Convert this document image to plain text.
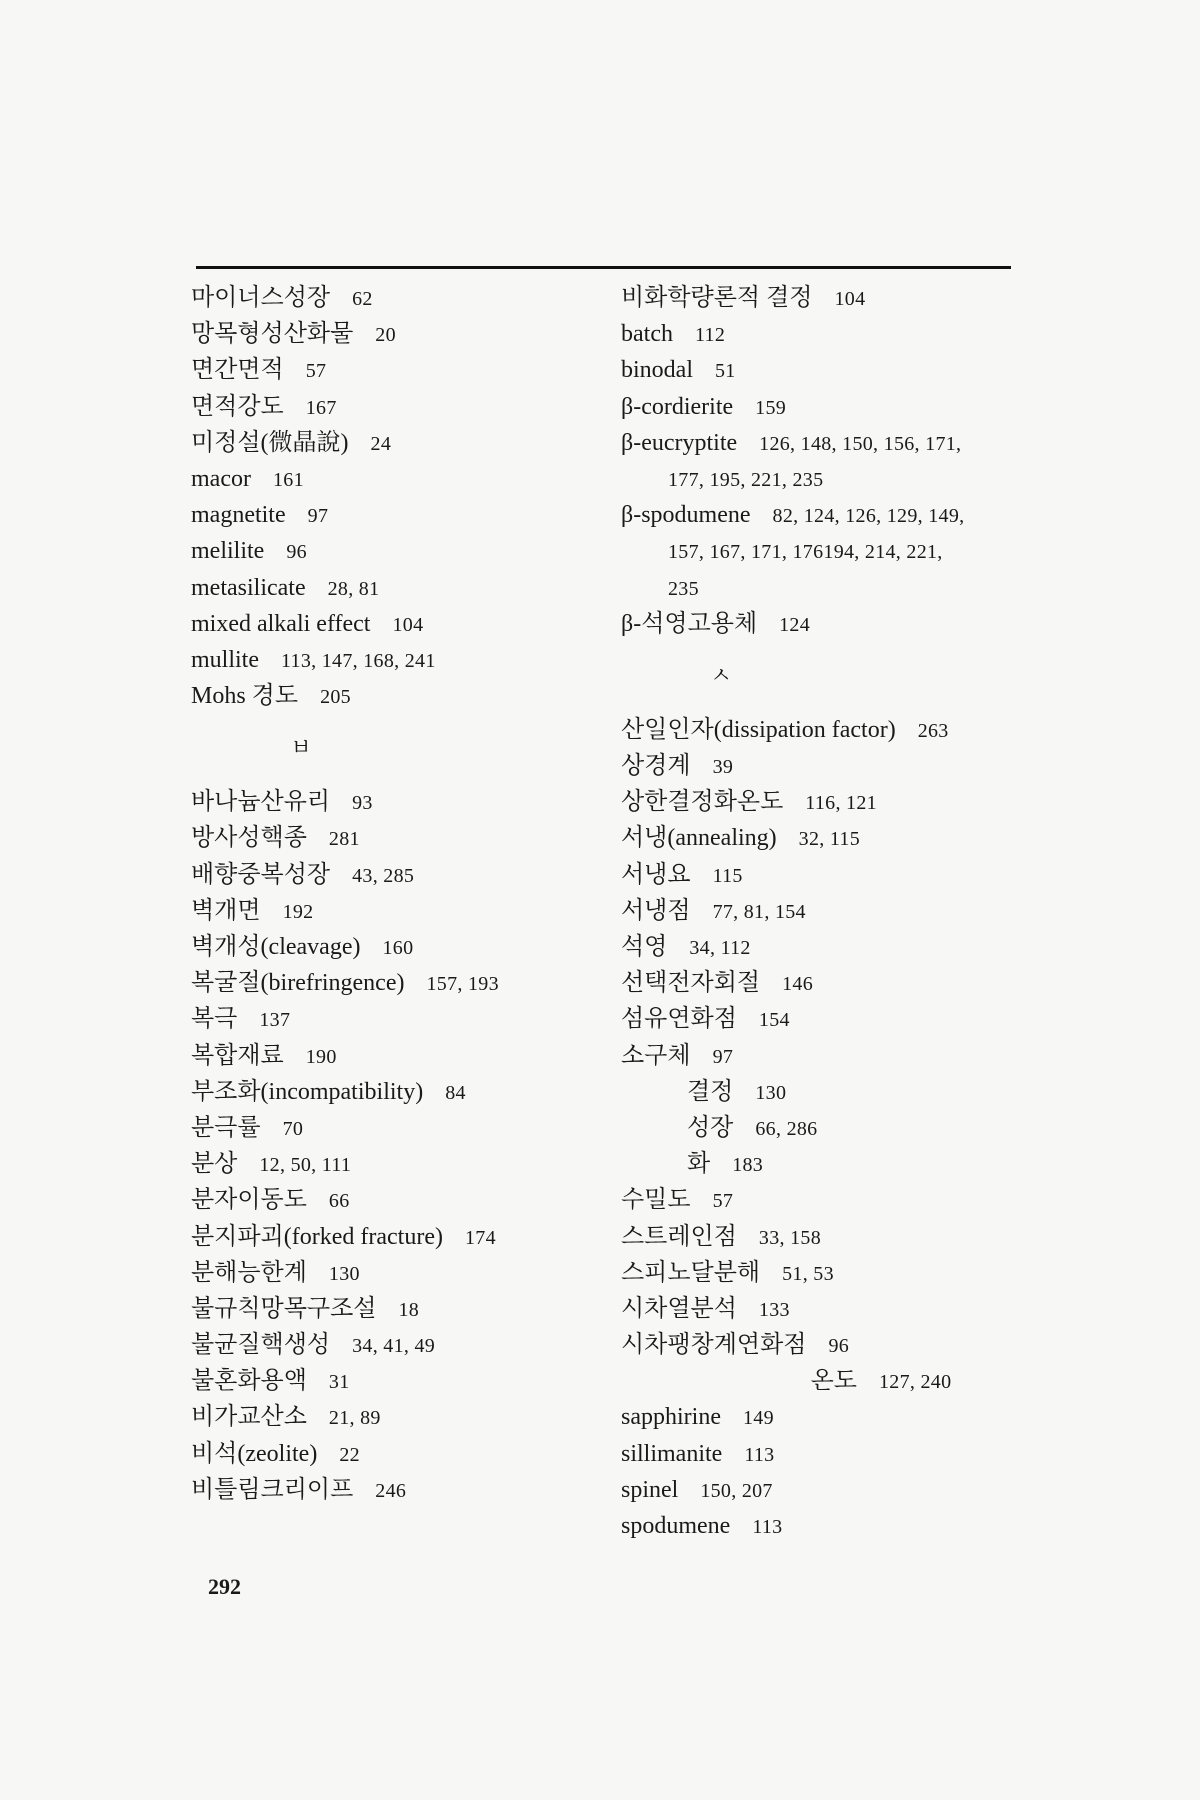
마이너스성장 62
망목형성산화물 20
면간면적 57
면적강도 167
미정설(微晶說) 24
macor 161
magnetite 97
melilite 96
metasilicate 28, 81
mixed alkali effect 104
mullite 113, 147, 168, 241
Mohs 경도 205
ㅂ
바나늄산유리 93
방사성핵종 281
배향중복성장 43, 285
벽개면 192
벽개성(cleavage) 160
복굴절(birefringence) 157, 193
복극 137
복합재료 190
부조화(incompatibility) 84
분극률 70
분상 12, 50, 111
분자이동도 66
분지파괴(forked fracture) 174
분해능한계 130
불규칙망목구조설 18
불균질핵생성 34, 41, 49
불혼화용액 31
비가교산소 21, 89
비석(zeolite) 22
비틀림크리이프 246
비화학량론적 결정 104
batch 112
binodal 51
β-cordierite 159
β-eucryptite 126, 148, 150, 156, 171,
177, 195, 221, 235
β-spodumene 82, 124, 126, 129, 149,
157, 167, 171, 176194, 214, 221,
235
β-석영고용체 124
ㅅ
산일인자(dissipation factor) 263
상경계 39
상한결정화온도 116, 121
서냉(annealing) 32, 115
서냉요 115
서냉점 77, 81, 154
석영 34, 112
선택전자회절 146
섬유연화점 154
소구체 97
결정 130
성장 66, 286
화 183
수밀도 57
스트레인점 33, 158
스피노달분해 51, 53
시차열분석 133
시차팽창계연화점 96
온도 127, 240
sapphirine 149
sillimanite 113
spinel 150, 207
spodumene 113
292
